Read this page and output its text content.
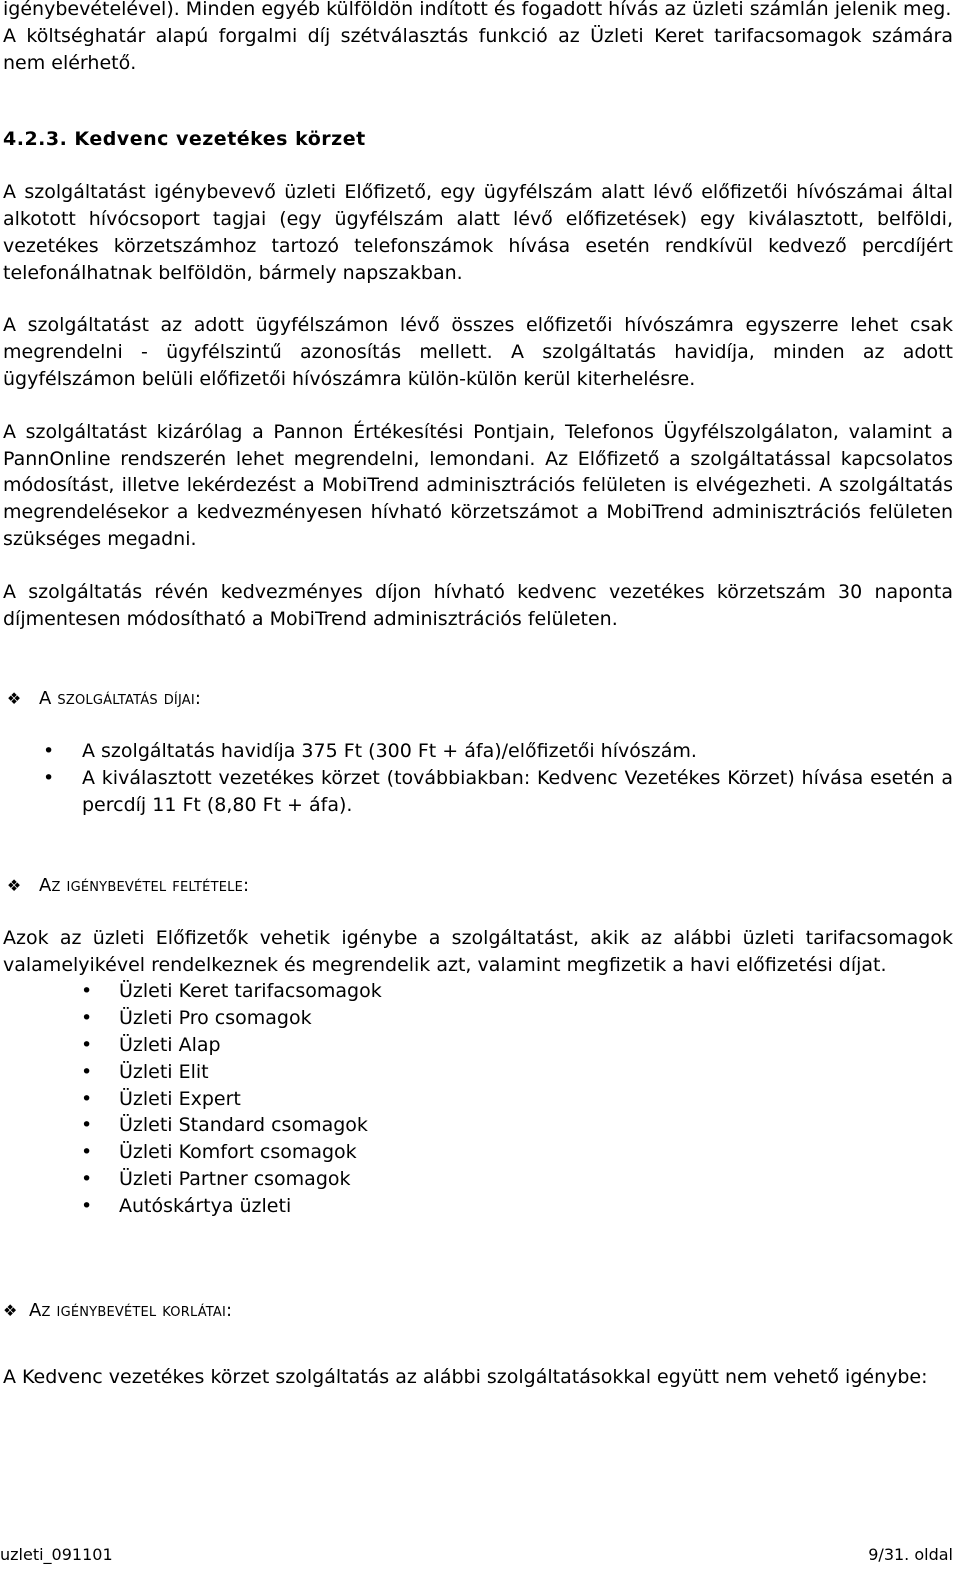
igénybevételével). Minden egyéb külföldön indított és fogadott hívás az üzleti számlán jelenik meg.

A költséghatár alapú forgalmi díj szétválasztás funkció az Üzleti Keret tarifacsomagok számára nem elérhető.

4.2.3. Kedvenc vezetékes körzet

A szolgáltatást igénybevevő üzleti Előfizető, egy ügyfélszám alatt lévő előfizetői hívószámai által alkotott hívócsoport tagjai (egy ügyfélszám alatt lévő előfizetések) egy kiválasztott, belföldi, vezetékes körzetszámhoz tartozó telefonszámok hívása esetén rendkívül kedvező percdíjért telefonálhatnak belföldön, bármely napszakban.

A szolgáltatást az adott ügyfélszámon lévő összes előfizetői hívószámra egyszerre lehet csak megrendelni - ügyfélszintű azonosítás mellett. A szolgáltatás havidíja, minden az adott ügyfélszámon belüli előfizetői hívószámra külön-külön kerül kiterhelésre.

A szolgáltatást kizárólag a Pannon Értékesítési Pontjain, Telefonos Ügyfélszolgálaton, valamint a PannOnline rendszerén lehet megrendelni, lemondani. Az Előfizető a szolgáltatással kapcsolatos módosítást, illetve lekérdezést a MobiTrend adminisztrációs felületen is elvégezheti. A szolgáltatás megrendelésekor a kedvezményesen hívható körzetszámot a MobiTrend adminisztrációs felületen szükséges megadni.

A szolgáltatás révén kedvezményes díjon hívható kedvenc vezetékes körzetszám 30 naponta díjmentesen módosítható a MobiTrend adminisztrációs felületen.

❖ A szolgáltatás díjai:
• A szolgáltatás havidíja 375 Ft (300 Ft + áfa)/előfizetői hívószám.
• A kiválasztott vezetékes körzet (továbbiakban: Kedvenc Vezetékes Körzet) hívása esetén a percdíj 11 Ft (8,80 Ft + áfa).
❖ Az igénybevétel feltétele:

Azok az üzleti Előfizetők vehetik igénybe a szolgáltatást, akik az alábbi üzleti tarifacsomagok valamelyikével rendelkeznek és megrendelik azt, valamint megfizetik a havi előfizetési díjat.

• Üzleti Keret tarifacsomagok
• Üzleti Pro csomagok
• Üzleti Alap
• Üzleti Elit
• Üzleti Expert
• Üzleti Standard csomagok
• Üzleti Komfort csomagok
• Üzleti Partner csomagok
• Autóskártya üzleti
❖ Az igénybevétel korlátai:

A Kedvenc vezetékes körzet szolgáltatás az alábbi szolgáltatásokkal együtt nem vehető igénybe:

uzleti_091101	9/31. oldal
